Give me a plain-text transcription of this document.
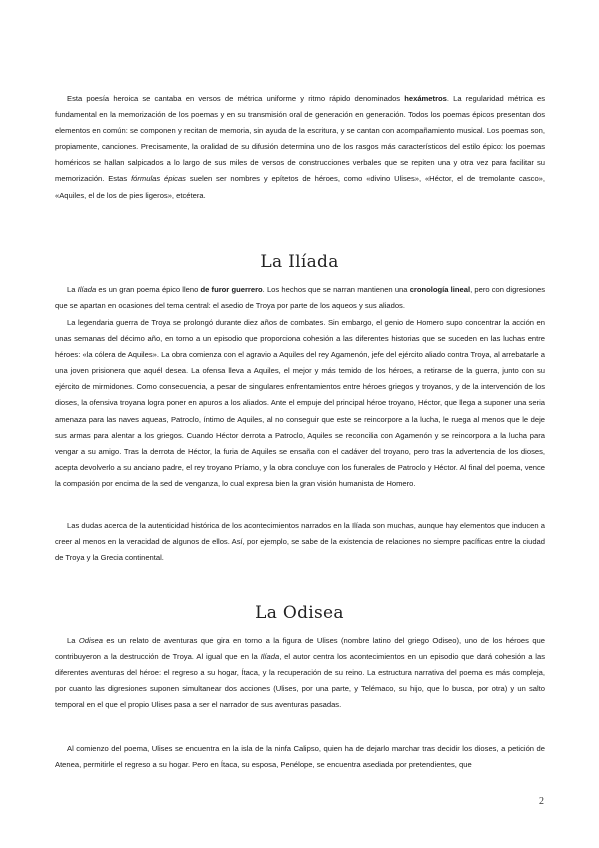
Esta poesía heroica se cantaba en versos de métrica uniforme y ritmo rápido denominados hexámetros. La regularidad métrica es fundamental en la memorización de los poemas y en su transmisión oral de generación en generación. Todos los poemas épicos presentan dos elementos en común: se componen y recitan de memoria, sin ayuda de la escritura, y se cantan con acompañamiento musical. Los poemas son, propiamente, canciones. Precisamente, la oralidad de su difusión determina uno de los rasgos más característicos del estilo épico: los poemas homéricos se hallan salpicados a lo largo de sus miles de versos de construcciones verbales que se repiten una y otra vez para facilitar su memorización. Estas fórmulas épicas suelen ser nombres y epítetos de héroes, como «divino Ulises», «Héctor, el de tremolante casco», «Aquiles, el de los de pies ligeros», etcétera.

La Ilíada

La Ilíada es un gran poema épico lleno de furor guerrero. Los hechos que se narran mantienen una cronología lineal, pero con digresiones que se apartan en ocasiones del tema central: el asedio de Troya por parte de los aqueos y sus aliados.

La legendaria guerra de Troya se prolongó durante diez años de combates. Sin embargo, el genio de Homero supo concentrar la acción en unas semanas del décimo año, en torno a un episodio que proporciona cohesión a las diferentes historias que se suceden en las luchas entre héroes: «la cólera de Aquiles». La obra comienza con el agravio a Aquiles del rey Agamenón, jefe del ejército aliado contra Troya, al arrebatarle a una joven prisionera que aquél desea. La ofensa lleva a Aquiles, el mejor y más temido de los héroes, a retirarse de la guerra, junto con su ejército de mirmidones. Como consecuencia, a pesar de singulares enfrentamientos entre héroes griegos y troyanos, y de la intervención de los dioses, la ofensiva troyana logra poner en apuros a los aliados. Ante el empuje del principal héroe troyano, Héctor, que llega a suponer una seria amenaza para las naves aqueas, Patroclo, íntimo de Aquiles, al no conseguir que este se reincorpore a la lucha, le ruega al menos que le deje sus armas para alentar a los griegos. Cuando Héctor derrota a Patroclo, Aquiles se reconcilia con Agamenón y se reincorpora a la lucha para vengar a su amigo. Tras la derrota de Héctor, la furia de Aquiles se ensaña con el cadáver del troyano, pero tras la advertencia de los dioses, acepta devolverlo a su anciano padre, el rey troyano Príamo, y la obra concluye con los funerales de Patroclo y Héctor. Al final del poema, vence la compasión por encima de la sed de venganza, lo cual expresa bien la gran visión humanista de Homero.

Las dudas acerca de la autenticidad histórica de los acontecimientos narrados en la Ilíada son muchas, aunque hay elementos que inducen a creer al menos en la veracidad de algunos de ellos. Así, por ejemplo, se sabe de la existencia de relaciones no siempre pacíficas entre la ciudad de Troya y la Grecia continental.

La Odisea

La Odisea es un relato de aventuras que gira en torno a la figura de Ulises (nombre latino del griego Odiseo), uno de los héroes que contribuyeron a la destrucción de Troya. Al igual que en la Ilíada, el autor centra los acontecimientos en un episodio que dará cohesión a las diferentes aventuras del héroe: el regreso a su hogar, Ítaca, y la recuperación de su reino. La estructura narrativa del poema es más compleja, por cuanto las digresiones suponen simultanear dos acciones (Ulises, por una parte, y Telémaco, su hijo, que lo busca, por otra) y un salto temporal en el que el propio Ulises pasa a ser el narrador de sus aventuras pasadas.

Al comienzo del poema, Ulises se encuentra en la isla de la ninfa Calipso, quien ha de dejarlo marchar tras decidir los dioses, a petición de Atenea, permitirle el regreso a su hogar. Pero en Ítaca, su esposa, Penélope, se encuentra asediada por pretendientes, que

2
